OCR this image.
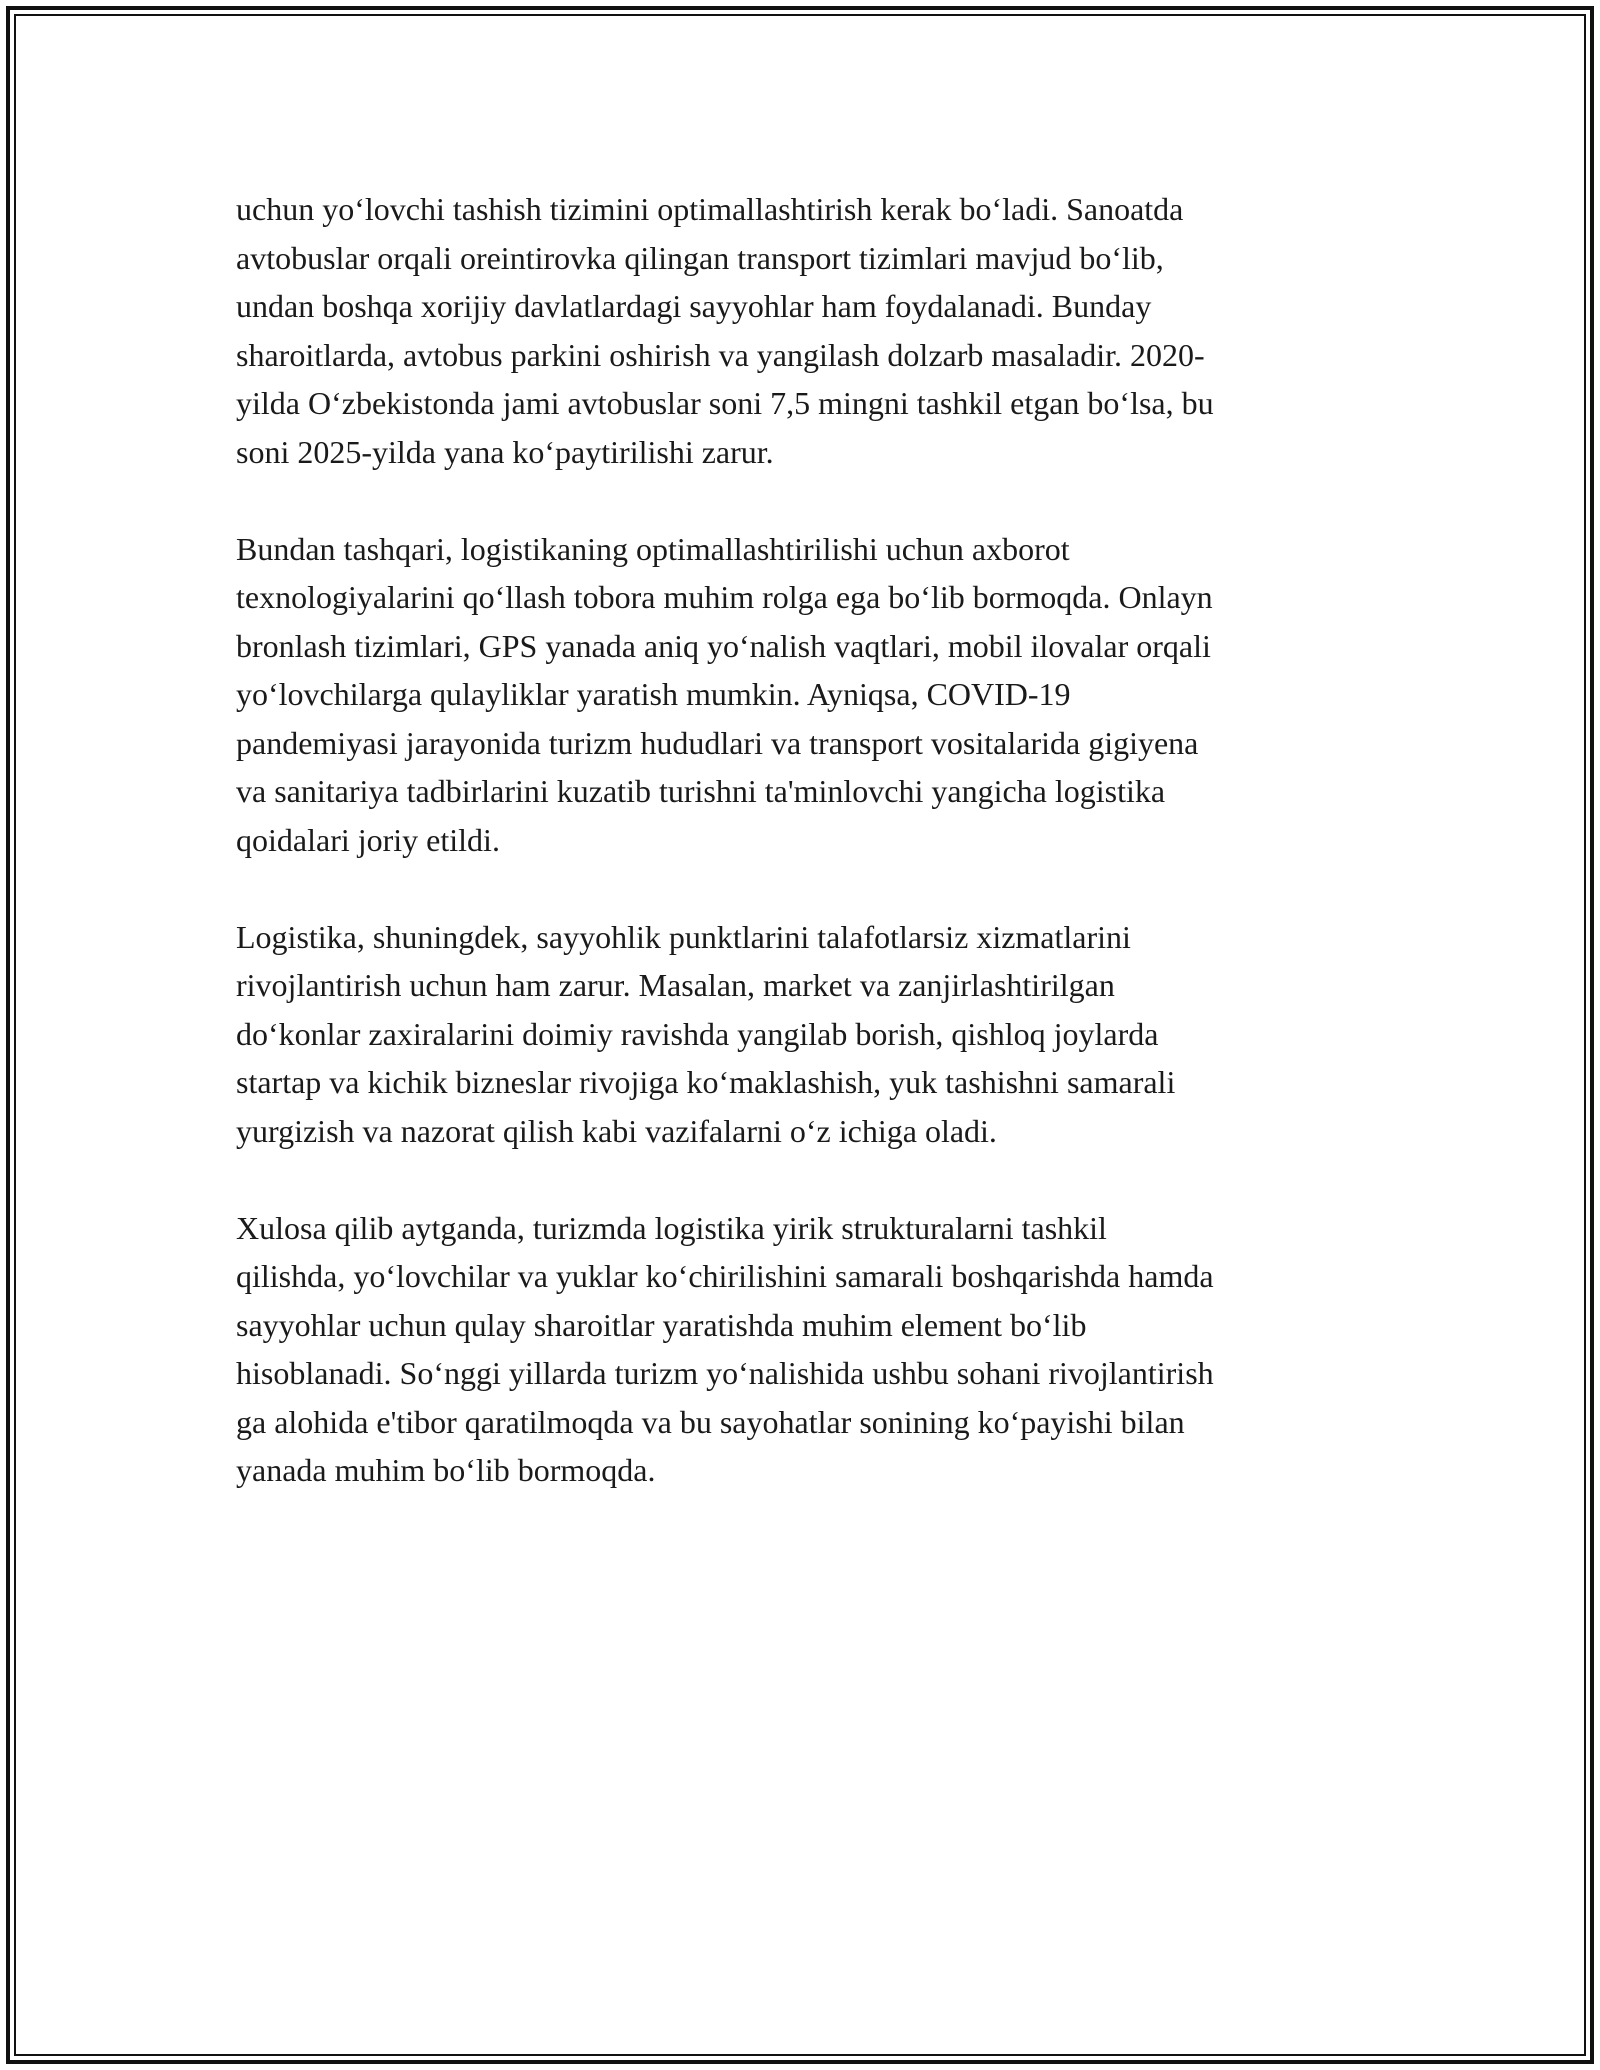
uchun yo‘lovchi tashish tizimini optimallashtirish kerak bo‘ladi. Sanoatda
avtobuslar orqali oreintirovka qilingan transport tizimlari mavjud bo‘lib,
undan boshqa xorijiy davlatlardagi sayyohlar ham foydalanadi. Bunday
sharoitlarda, avtobus parkini oshirish va yangilash dolzarb masaladir. 2020-
yilda O‘zbekistonda jami avtobuslar soni 7,5 mingni tashkil etgan bo‘lsa, bu
soni 2025-yilda yana ko‘paytirilishi zarur.

Bundan tashqari, logistikaning optimallashtirilishi uchun axborot
texnologiyalarini qo‘llash tobora muhim rolga ega bo‘lib bormoqda. Onlayn
bronlash tizimlari, GPS yanada aniq yo‘nalish vaqtlari, mobil ilovalar orqali
yo‘lovchilarga qulayliklar yaratish mumkin. Ayniqsa, COVID-19
pandemiyasi jarayonida turizm hududlari va transport vositalarida gigiyena
va sanitariya tadbirlarini kuzatib turishni ta'minlovchi yangicha logistika
qoidalari joriy etildi.

Logistika, shuningdek, sayyohlik punktlarini talafotlarsiz xizmatlarini
rivojlantirish uchun ham zarur. Masalan, market va zanjirlashtirilgan
do‘konlar zaxiralarini doimiy ravishda yangilab borish, qishloq joylarda
startap va kichik bizneslar rivojiga ko‘maklashish, yuk tashishni samarali
yurgizish va nazorat qilish kabi vazifalarni o‘z ichiga oladi.

Xulosa qilib aytganda, turizmda logistika yirik strukturalarni tashkil
qilishda, yo‘lovchilar va yuklar ko‘chirilishini samarali boshqarishda hamda
sayyohlar uchun qulay sharoitlar yaratishda muhim element bo‘lib
hisoblanadi. So‘nggi yillarda turizm yo‘nalishida ushbu sohani rivojlantirish
ga alohida e'tibor qaratilmoqda va bu sayohatlar sonining ko‘payishi bilan
yanada muhim bo‘lib bormoqda.
